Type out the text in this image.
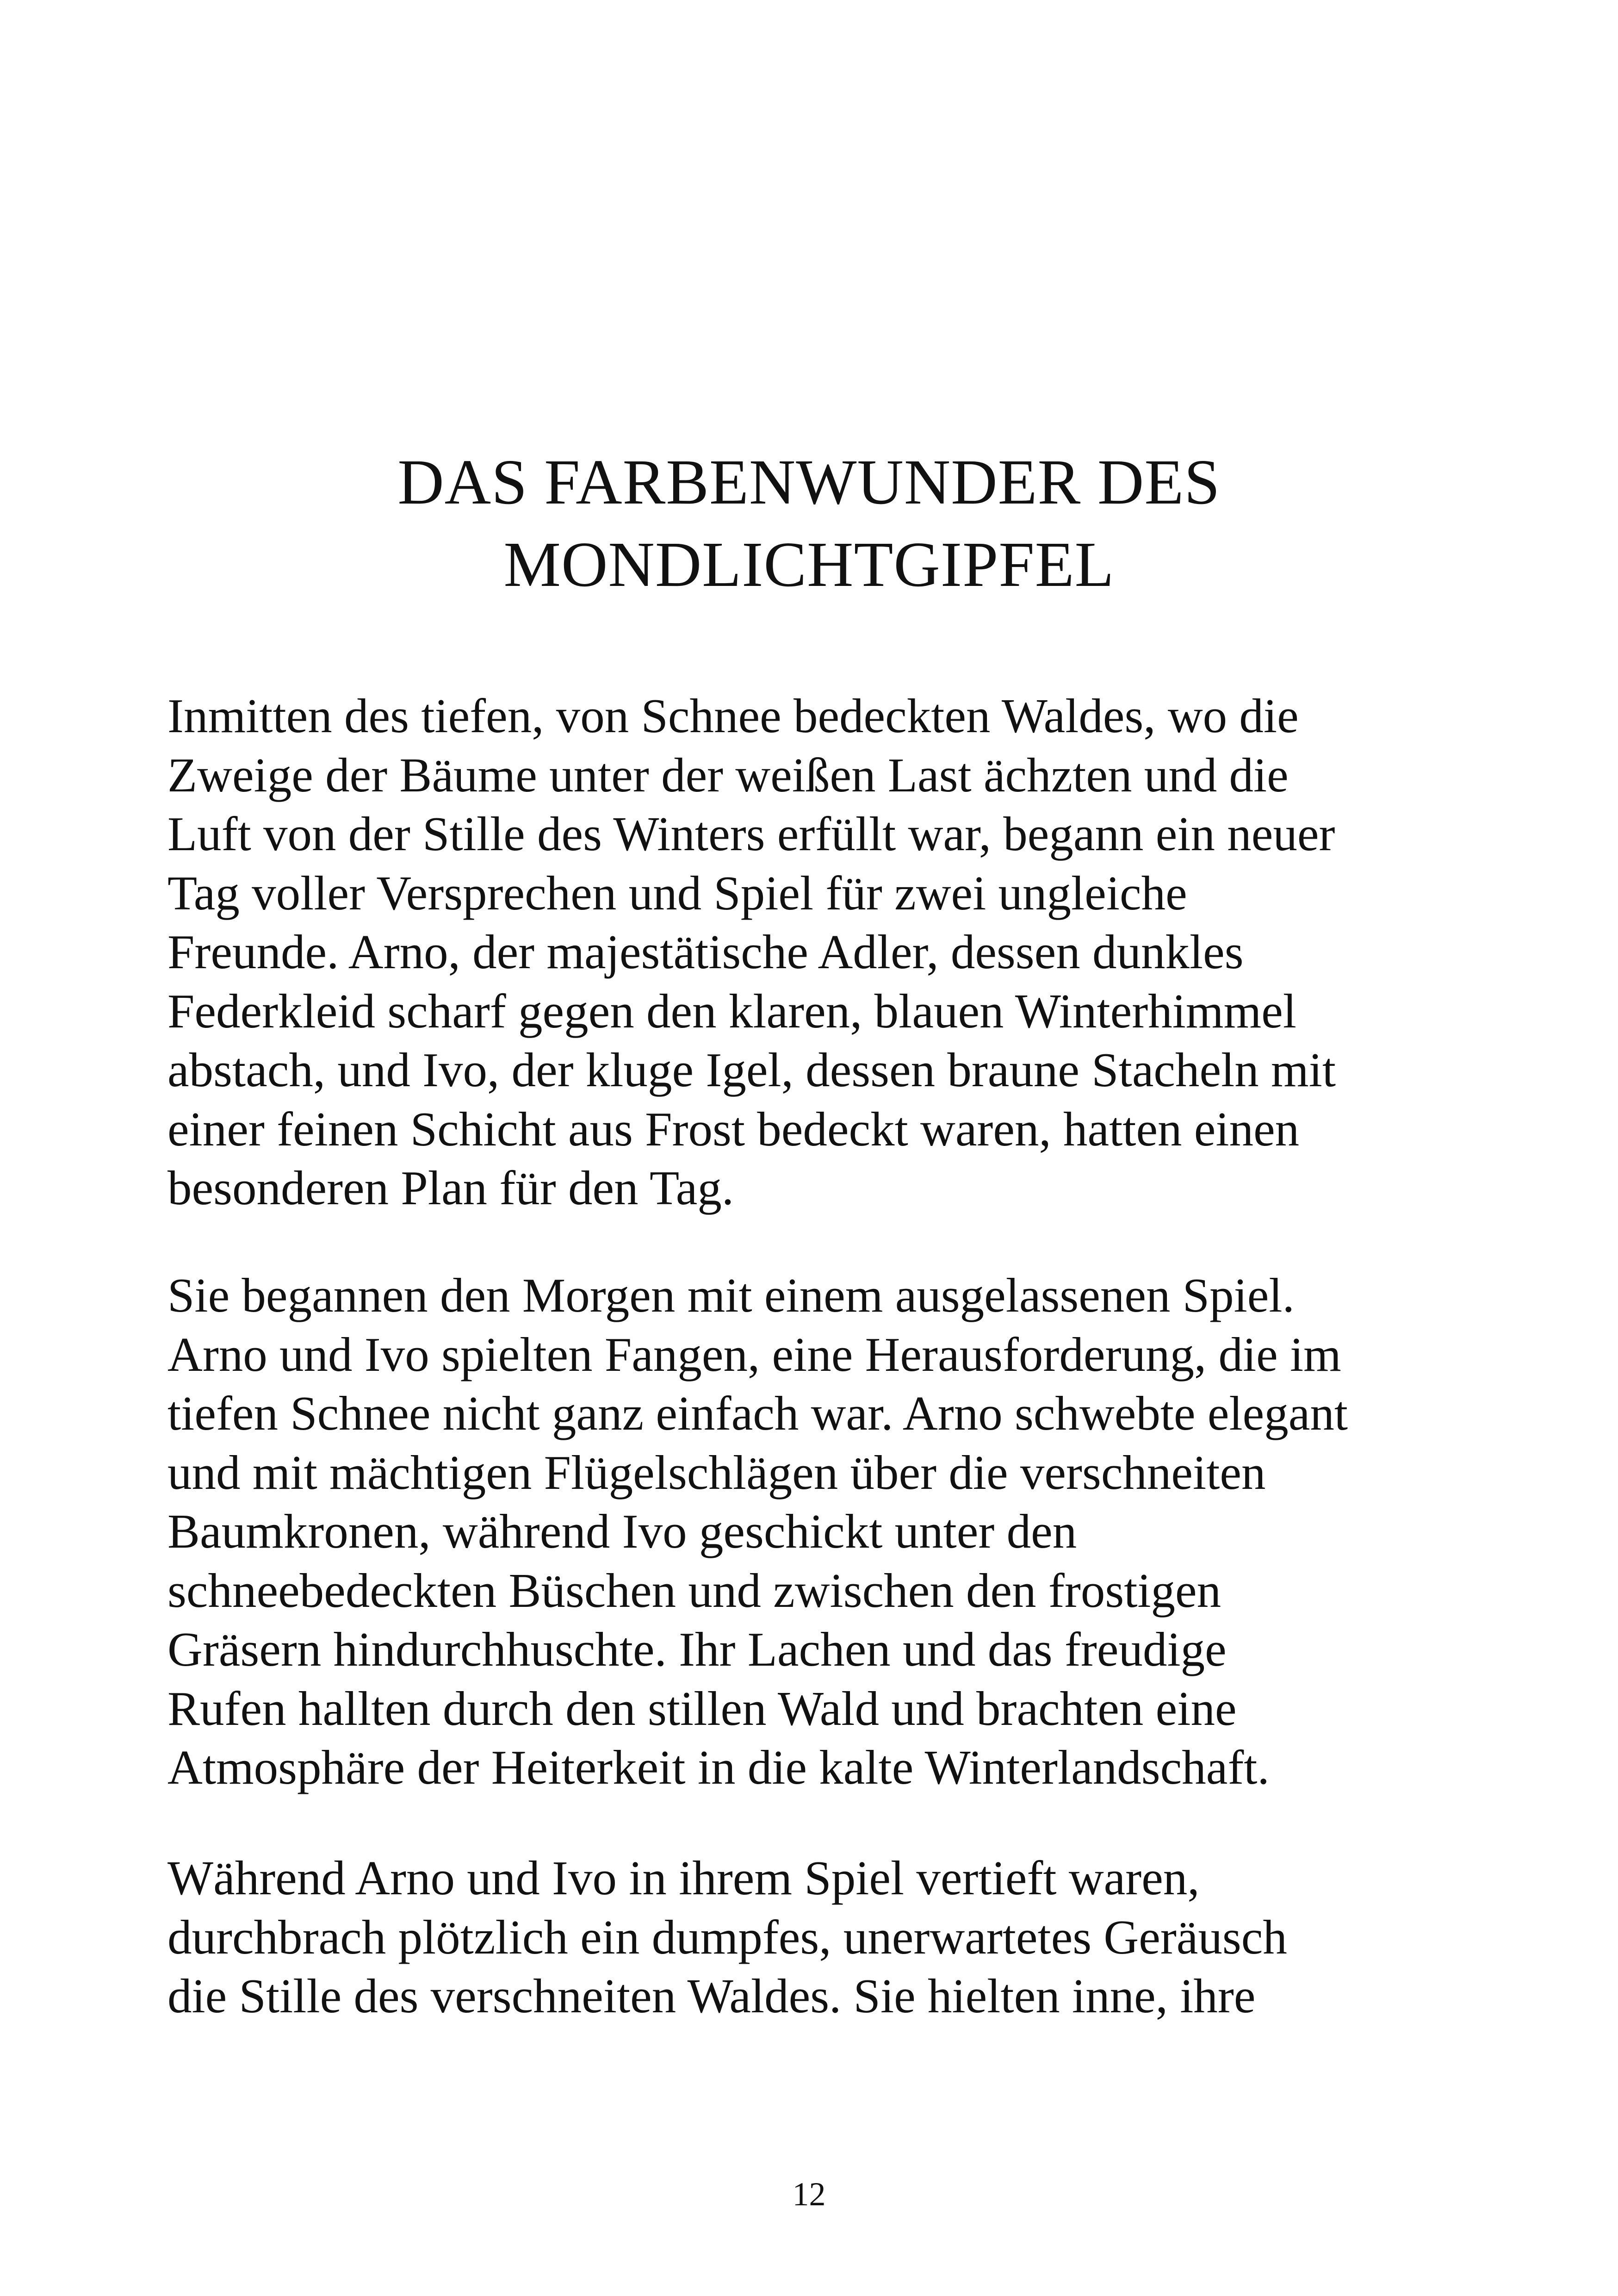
DAS FARBENWUNDER DES
MONDLICHTGIPFEL
Inmitten des tiefen, von Schnee bedeckten Waldes, wo die
Zweige der Bäume unter der weißen Last ächzten und die
Luft von der Stille des Winters erfüllt war, begann ein neuer
Tag voller Versprechen und Spiel für zwei ungleiche
Freunde. Arno, der majestätische Adler, dessen dunkles
Federkleid scharf gegen den klaren, blauen Winterhimmel
abstach, und Ivo, der kluge Igel, dessen braune Stacheln mit
einer feinen Schicht aus Frost bedeckt waren, hatten einen
besonderen Plan für den Tag.
Sie begannen den Morgen mit einem ausgelassenen Spiel.
Arno und Ivo spielten Fangen, eine Herausforderung, die im
tiefen Schnee nicht ganz einfach war. Arno schwebte elegant
und mit mächtigen Flügelschlägen über die verschneiten
Baumkronen, während Ivo geschickt unter den
schneebedeckten Büschen und zwischen den frostigen
Gräsern hindurchhuschte. Ihr Lachen und das freudige
Rufen hallten durch den stillen Wald und brachten eine
Atmosphäre der Heiterkeit in die kalte Winterlandschaft.
Während Arno und Ivo in ihrem Spiel vertieft waren,
durchbrach plötzlich ein dumpfes, unerwartetes Geräusch
die Stille des verschneiten Waldes. Sie hielten inne, ihre
12
